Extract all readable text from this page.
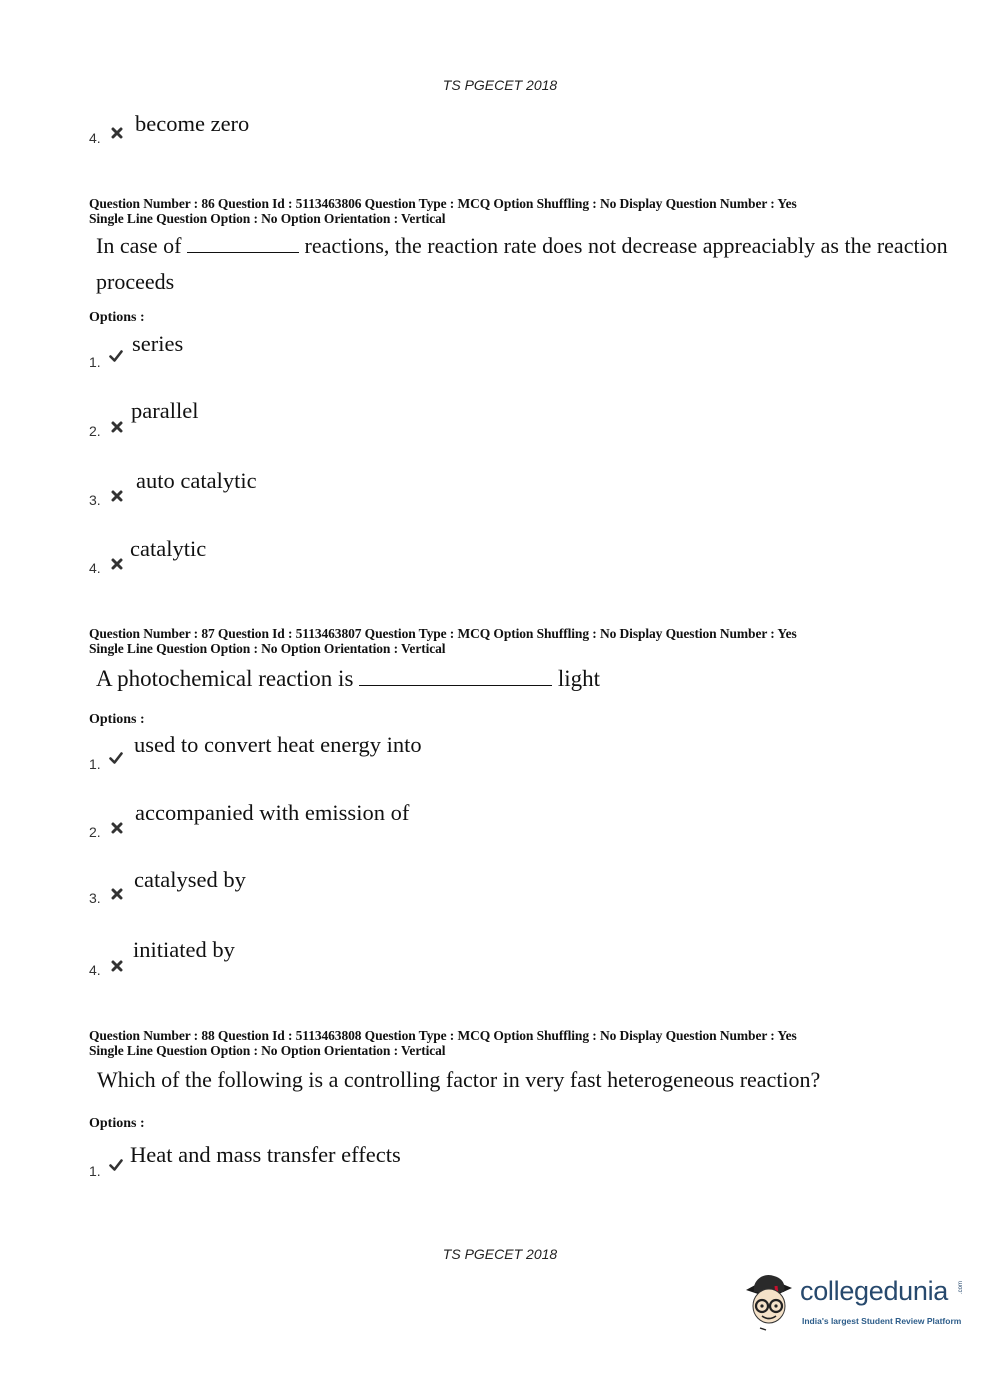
TS PGECET 2018
4.
become zero
Question Number : 86 Question Id : 5113463806 Question Type : MCQ Option Shuffling : No Display Question Number : Yes
Single Line Question Option : No Option Orientation : Vertical
In case of	reactions, the reaction rate does not decrease appreaciably as the reaction
proceeds
Options :
1.
series
2.
parallel
3.
auto catalytic
4.
catalytic
Question Number : 87 Question Id : 5113463807 Question Type : MCQ Option Shuffling : No Display Question Number : Yes
Single Line Question Option : No Option Orientation : Vertical
A photochemical reaction is	light
Options :
1.
used to convert heat energy into
2.
accompanied with emission of
3.
catalysed by
4.
initiated by
Question Number : 88 Question Id : 5113463808 Question Type : MCQ Option Shuffling : No Display Question Number : Yes
Single Line Question Option : No Option Orientation : Vertical
Which of the following is a controlling factor in very fast heterogeneous reaction?
Options :
1.
Heat and mass transfer effects
TS PGECET 2018
collegedunia .com
India's largest Student Review Platform
